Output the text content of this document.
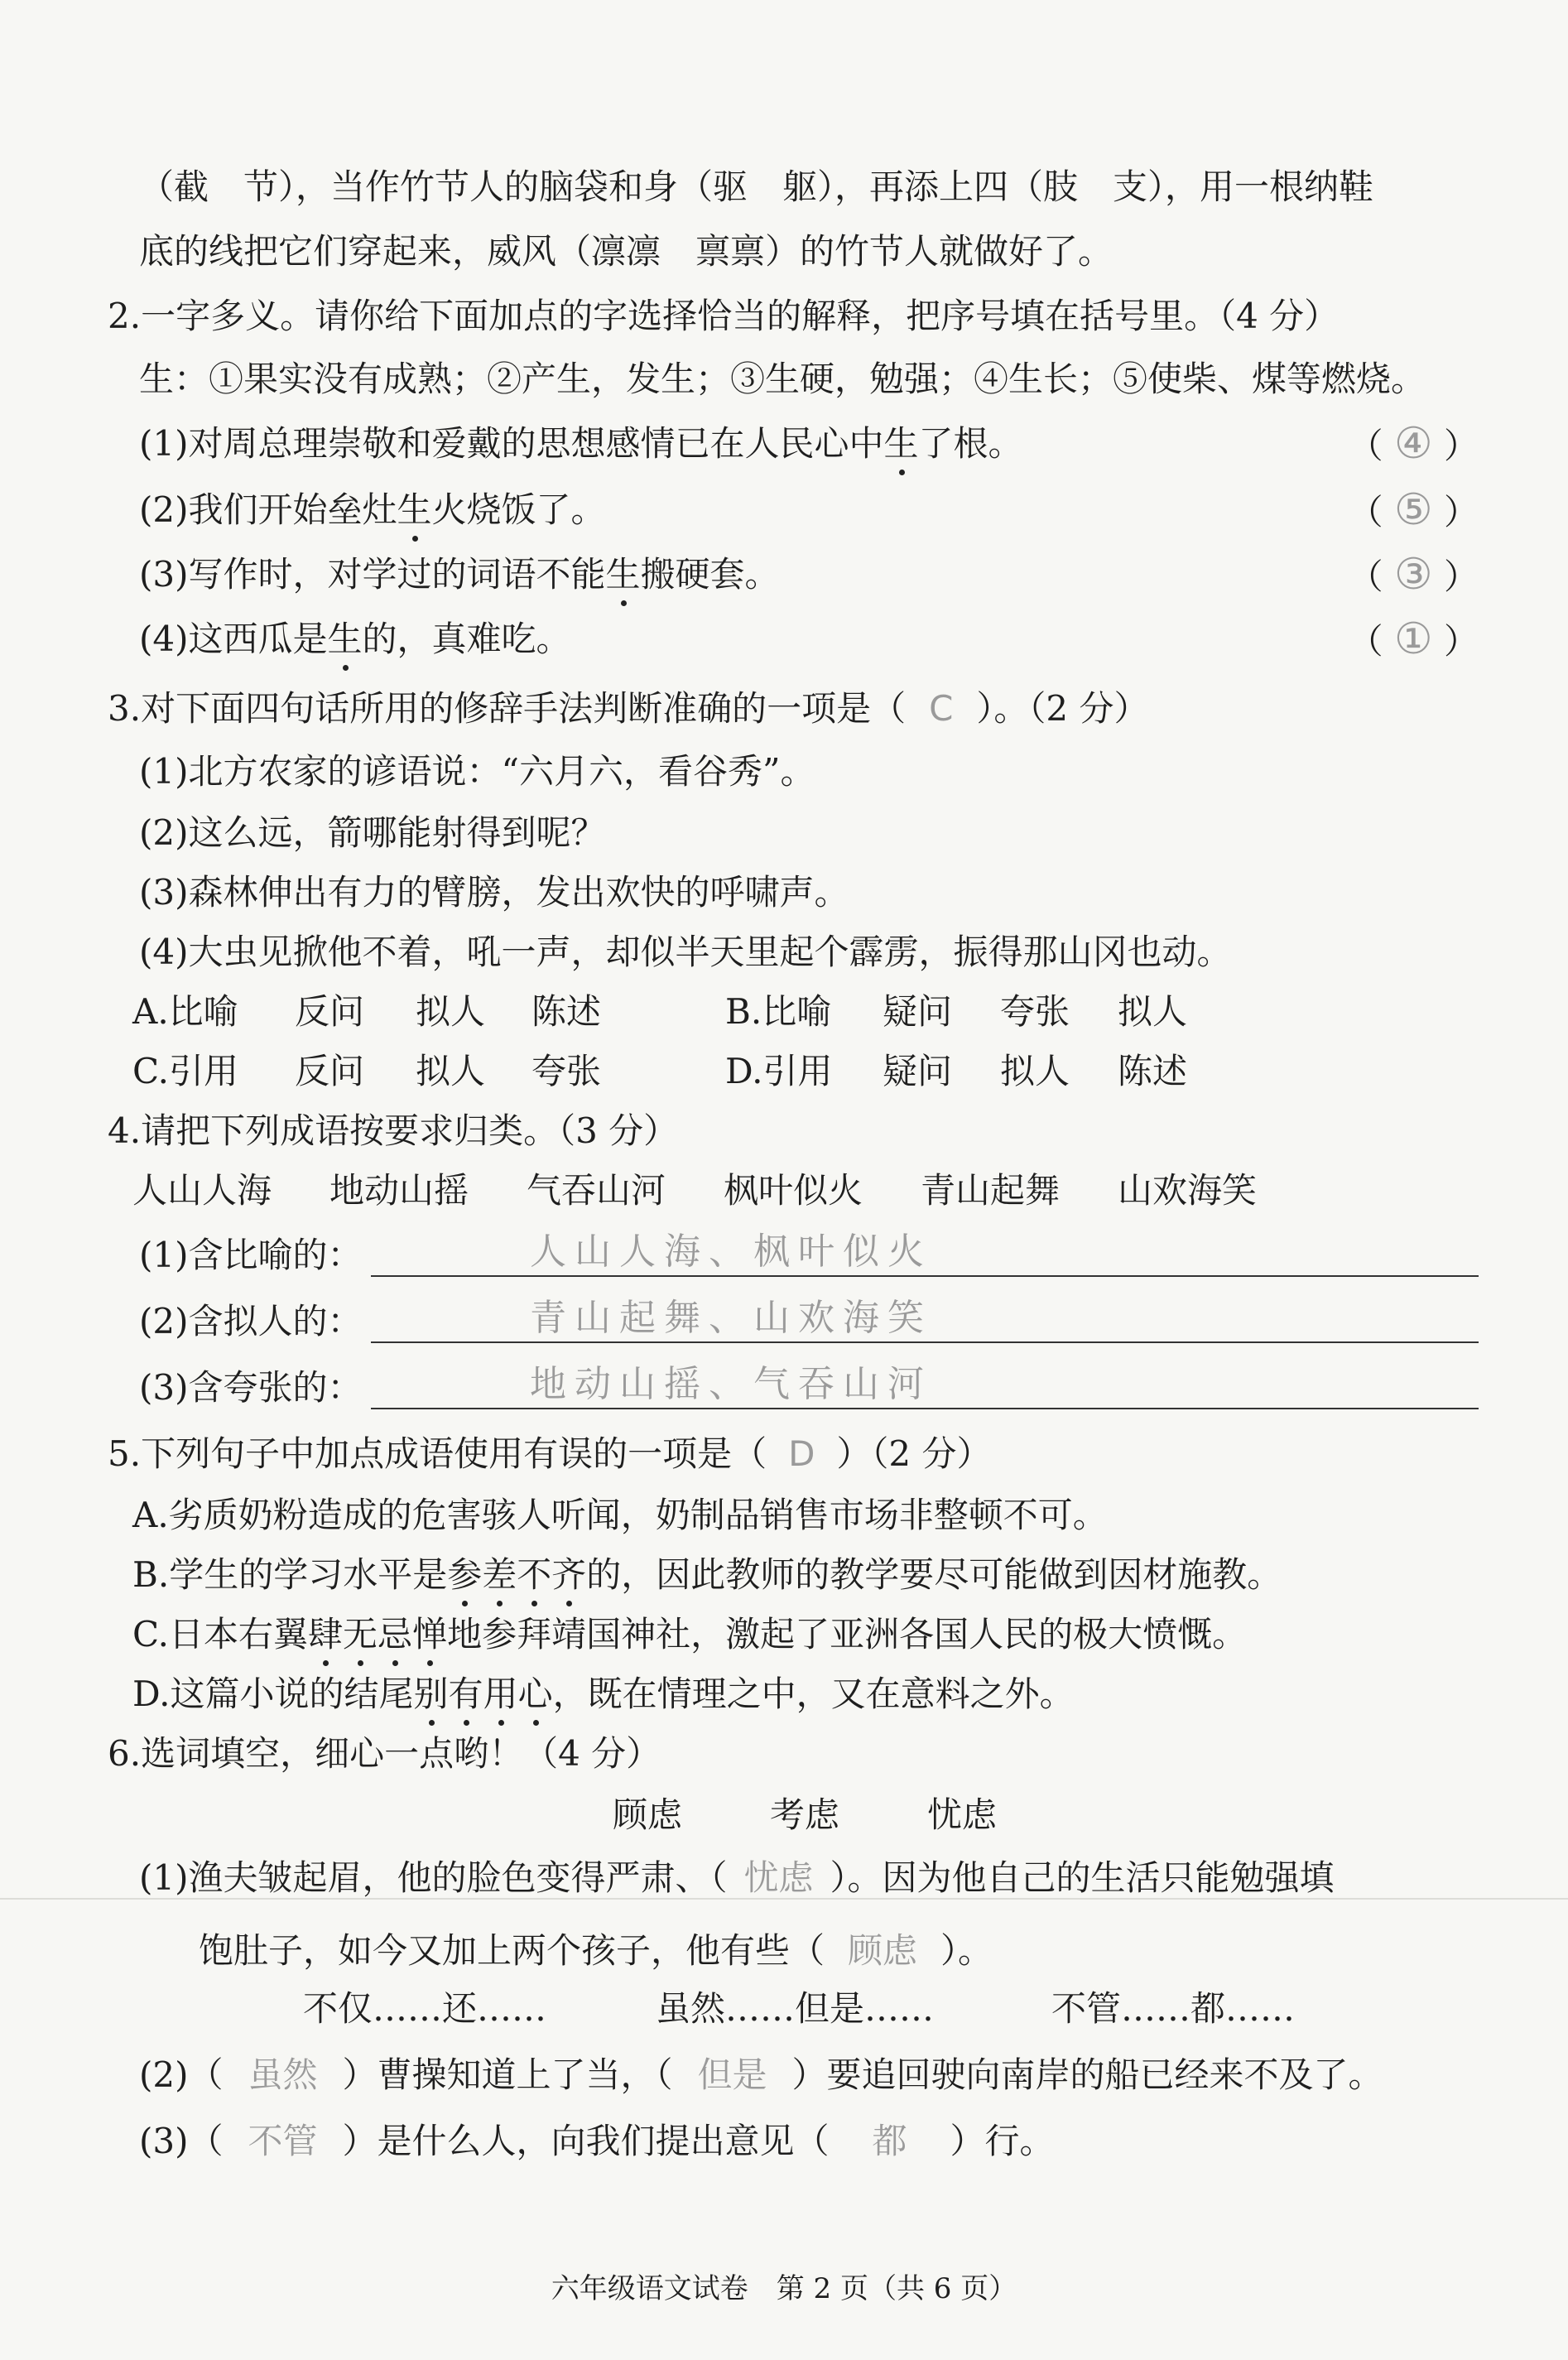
（截　节），当作竹节人的脑袋和身（驱　躯），再添上四（肢　支），用一根纳鞋
底的线把它们穿起来，威风（凛凛　禀禀）的竹节人就做好了。
2.一字多义。请你给下面加点的字选择恰当的解释，把序号填在括号里。（4 分）
生：①果实没有成熟；②产生，发生；③生硬，勉强；④生长；⑤使柴、煤等燃烧。
(1)对周总理崇敬和爱戴的思想感情已在人民心中生了根。	（ ④ ）
(2)我们开始垒灶生火烧饭了。	（ ⑤ ）
(3)写作时，对学过的词语不能生搬硬套。	（ ③ ）
(4)这西瓜是生的，真难吃。	（ ① ）
3.对下面四句话所用的修辞手法判断准确的一项是（ C ）。（2 分）
(1)北方农家的谚语说：“六月六，看谷秀”。
(2)这么远，箭哪能射得到呢？
(3)森林伸出有力的臂膀，发出欢快的呼啸声。
(4)大虫见掀他不着，吼一声，却似半天里起个霹雳，振得那山冈也动。
A.比喻 反问 拟人 陈述	B.比喻 疑问 夸张 拟人
C.引用 反问 拟人 夸张	D.引用 疑问 拟人 陈述
4.请把下列成语按要求归类。（3 分）
人山人海 地动山摇 气吞山河 枫叶似火 青山起舞 山欢海笑
(1)含比喻的：	人山人海、枫叶似火
(2)含拟人的：	青山起舞、山欢海笑
(3)含夸张的：	地动山摇、气吞山河
5.下列句子中加点成语使用有误的一项是（ D ）（2 分）
A.劣质奶粉造成的危害骇人听闻，奶制品销售市场非整顿不可。
B.学生的学习水平是参差不齐的，因此教师的教学要尽可能做到因材施教。
C.日本右翼肆无忌惮地参拜靖国神社，激起了亚洲各国人民的极大愤慨。
D.这篇小说的结尾别有用心，既在情理之中，又在意料之外。
6.选词填空，细心一点哟！（4 分）
顾虑	考虑	忧虑
(1)渔夫皱起眉，他的脸色变得严肃、（ 忧虑 ）。因为他自己的生活只能勉强填
饱肚子，如今又加上两个孩子，他有些（ 顾虑 ）。
不仅……还……	虽然……但是……	不管……都……
(2)（ 虽然 ）曹操知道上了当，（ 但是 ）要追回驶向南岸的船已经来不及了。
(3)（ 不管 ）是什么人，向我们提出意见（ 都 ）行。
六年级语文试卷　第 2 页（共 6 页）
